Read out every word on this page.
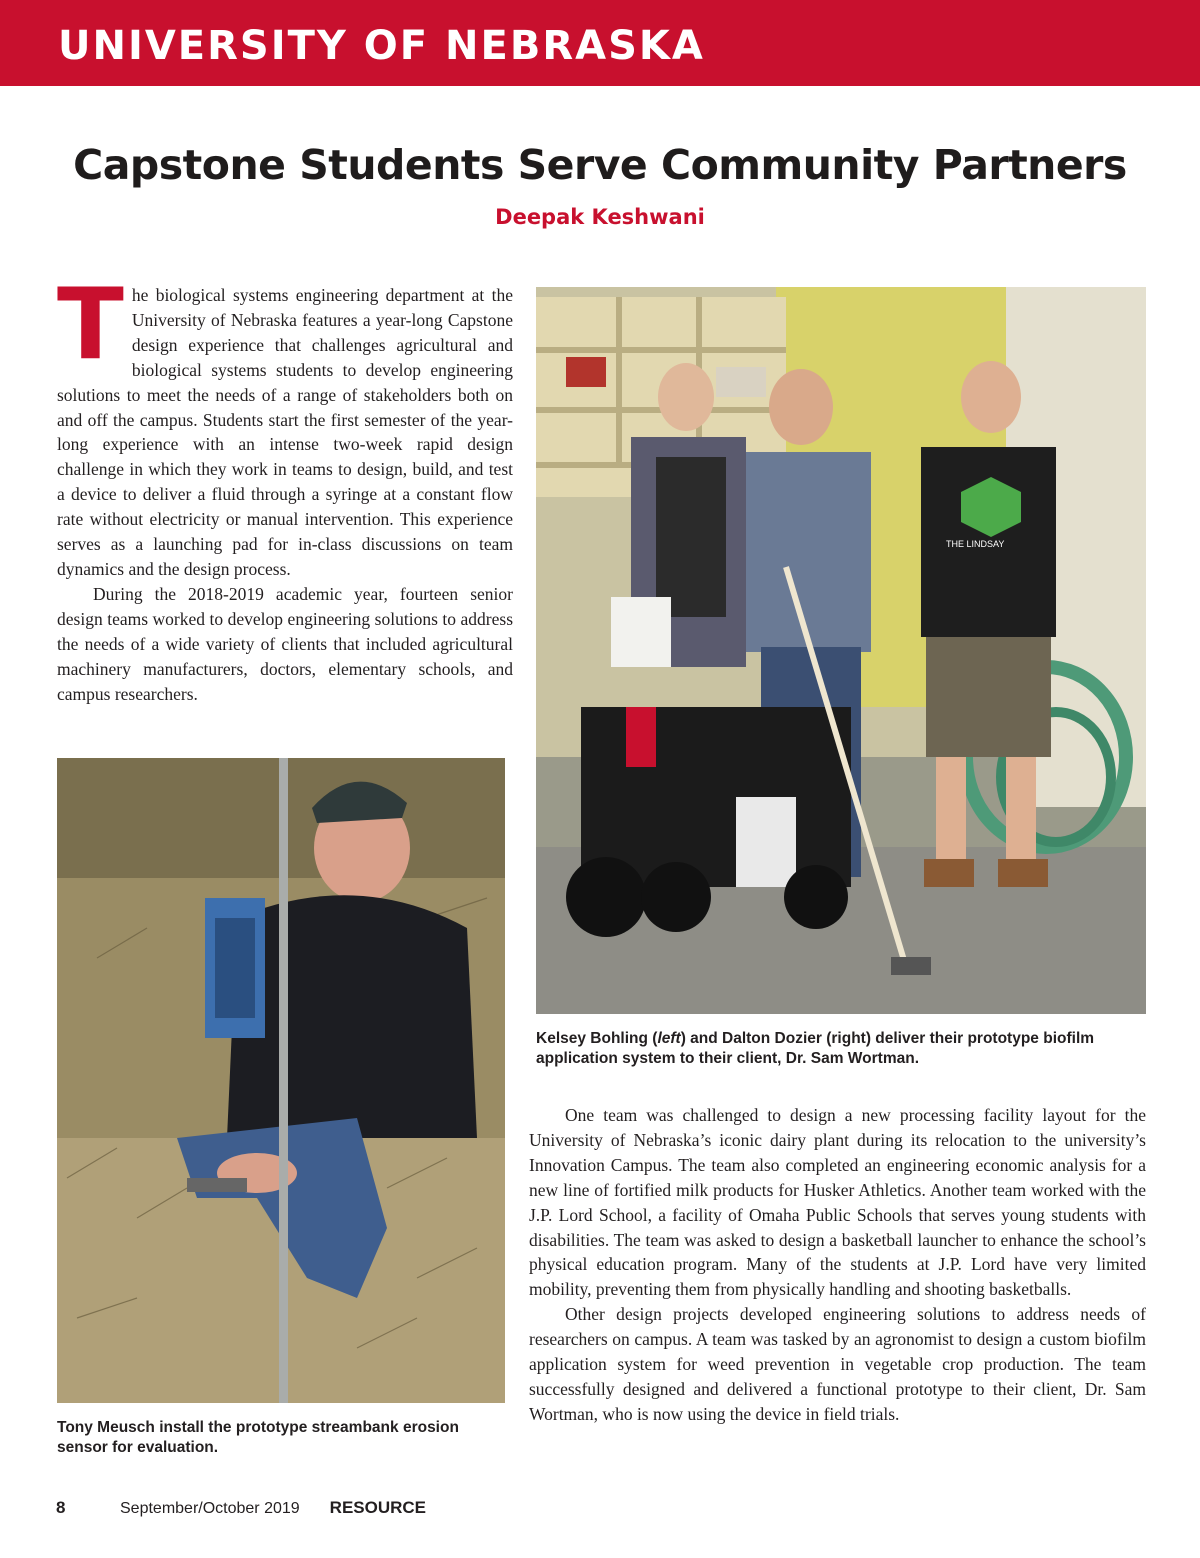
UNIVERSITY OF NEBRASKA
Capstone Students Serve Community Partners
Deepak Keshwani

The biological systems engineering department at the University of Nebraska features a year-long Capstone design experience that challenges agricultural and biological systems students to develop engineering solutions to meet the needs of a range of stakeholders both on and off the campus. Students start the first semester of the year-long experience with an intense two-week rapid design challenge in which they work in teams to design, build, and test a device to deliver a fluid through a syringe at a constant flow rate without electricity or manual intervention. This experience serves as a launching pad for in-class discussions on team dynamics and the design process.

During the 2018-2019 academic year, fourteen senior design teams worked to develop engineering solutions to address the needs of a wide variety of clients that included agricultural machinery manufacturers, doctors, elementary schools, and campus researchers.

THE LINDSAY
Kelsey Bohling (left) and Dalton Dozier (right) deliver their prototype biofilm application system to their client, Dr. Sam Wortman.
Tony Meusch install the prototype streambank erosion sensor for evaluation.

One team was challenged to design a new processing facility layout for the University of Nebraska’s iconic dairy plant during its relocation to the university’s Innovation Campus. The team also completed an engineering economic analysis for a new line of fortified milk products for Husker Athletics. Another team worked with the J.P. Lord School, a facility of Omaha Public Schools that serves young students with disabilities. The team was asked to design a basketball launcher to enhance the school’s physical education program. Many of the students at J.P. Lord have very limited mobility, preventing them from physically handling and shooting basketballs.

Other design projects developed engineering solutions to address needs of researchers on campus. A team was tasked by an agronomist to design a custom biofilm application system for weed prevention in vegetable crop production. The team successfully designed and delivered a functional prototype to their client, Dr. Sam Wortman, who is now using the device in field trials.

8	September/October 2019 RESOURCE
